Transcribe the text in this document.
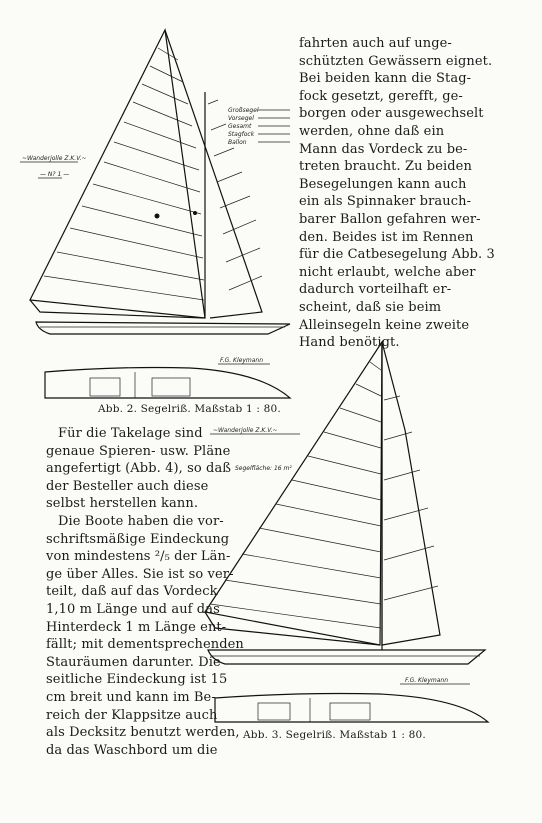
~Wanderjolle Z.K.V.~
— N? 1 —
Großsegel
Vorsegel
Gesamt
Stagfock
Ballon
F.G. Kleymann
~Wanderjolle Z.K.V.~
Segelfläche: 16 m²
F.G. Kleymann

fahrten auch auf unge-
schützten Gewässern eignet.
Bei beiden kann die Stag-
fock gesetzt, gerefft, ge-
borgen oder ausgewechselt
werden, ohne daß ein
Mann das Vordeck zu be-
treten braucht. Zu beiden
Besegelungen kann auch
ein als Spinnaker brauch-
barer Ballon gefahren wer-
den. Beides ist im Rennen
für die Catbesegelung Abb. 3
nicht erlaubt, welche aber
dadurch vorteilhaft er-
scheint, daß sie beim
Alleinsegeln keine zweite
Hand benötigt.

Für die Takelage sind
genaue Spieren- usw. Pläne
angefertigt (Abb. 4), so daß
der Besteller auch diese
selbst herstellen kann.

Die Boote haben die vor-
schriftsmäßige Eindeckung
von mindestens ²/₅ der Län-
ge über Alles. Sie ist so ver-
teilt, daß auf das Vordeck
1,10 m Länge und auf das
Hinterdeck 1 m Länge ent-
fällt; mit dementsprechenden
Stauräumen darunter. Die
seitliche Eindeckung ist 15
cm breit und kann im Be-
reich der Klappsitze auch
als Decksitz benutzt werden,
da das Waschbord um die

Abb. 2. Segelriß. Maßstab 1 : 80.
Abb. 3. Segelriß. Maßstab 1 : 80.
